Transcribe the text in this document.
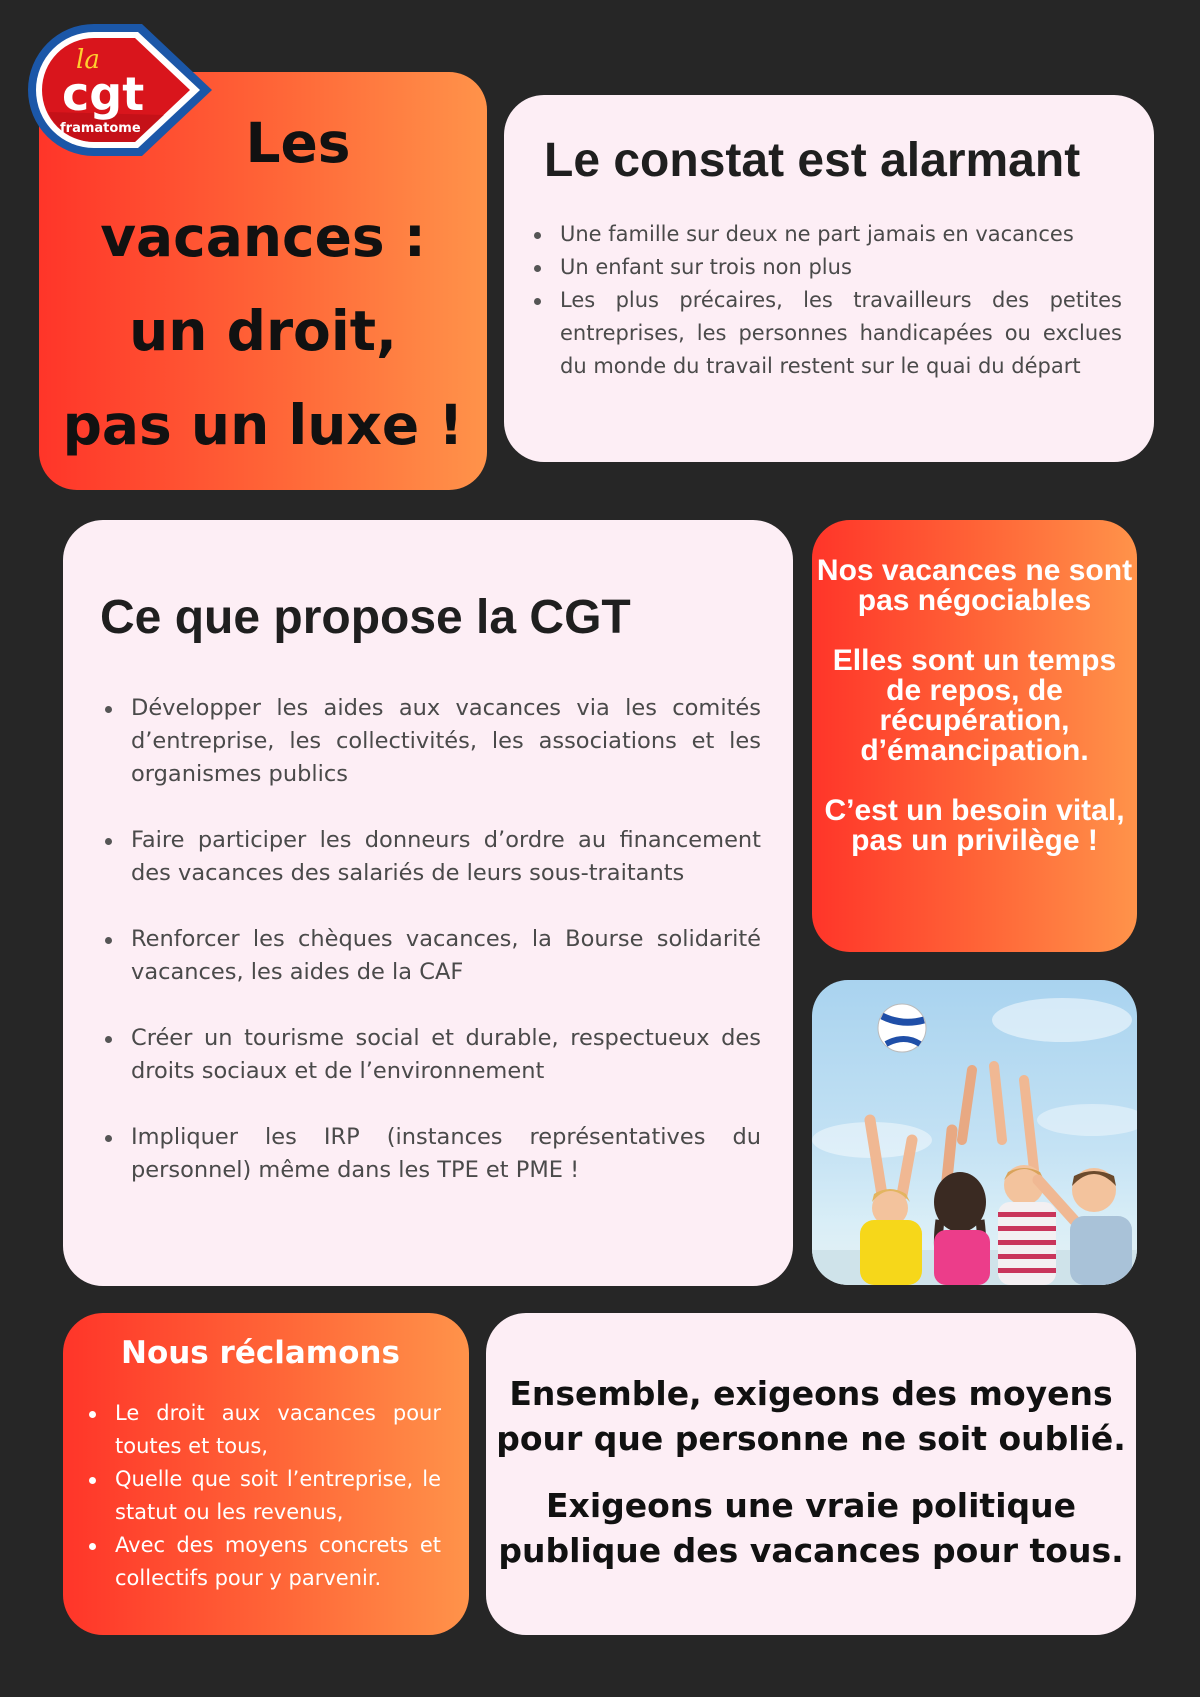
Les
vacances :
un droit,
pas un luxe !
la
cgt
framatome
Le constat est alarmant
Une famille sur deux ne part jamais en vacances
Un enfant sur trois non plus
Les plus précaires, les travailleurs des petites entreprises, les personnes handicapées ou exclues du monde du travail restent sur le quai du départ
Ce que propose la CGT
Développer les aides aux vacances via les comités d’entreprise, les collectivités, les associations et les organismes publics
Faire participer les donneurs d’ordre au financement des vacances des salariés de leurs sous-traitants
Renforcer les chèques vacances, la Bourse solidarité vacances, les aides de la CAF
Créer un tourisme social et durable, respectueux des droits sociaux et de l’environnement
Impliquer les IRP (instances représentatives du personnel) même dans les TPE et PME !

Nos vacances ne sont pas négociables

Elles sont un temps de repos, de récupération, d’émancipation.

C’est un besoin vital, pas un privilège !

Nous réclamons
Le droit aux vacances pour toutes et tous,
Quelle que soit l’entreprise, le statut ou les revenus,
Avec des moyens concrets et collectifs pour y parvenir.

Ensemble, exigeons des moyens pour que personne ne soit oublié.

Exigeons une vraie politique publique des vacances pour tous.
